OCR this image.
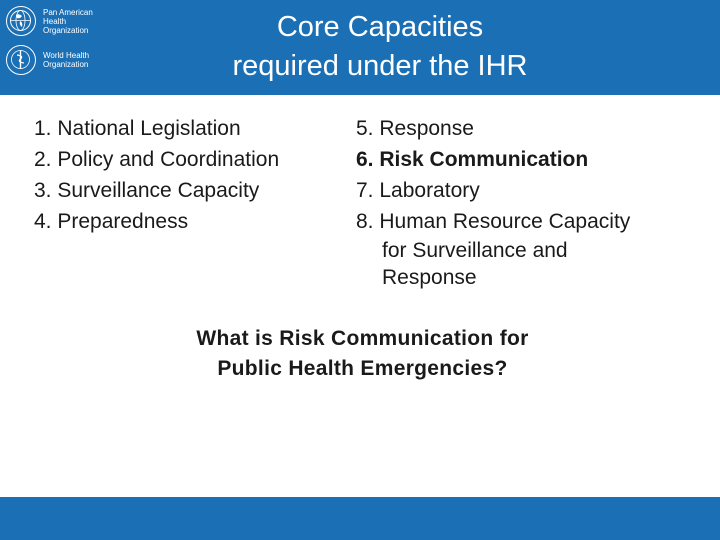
Pan American
Health
Organization
World Health
Organization
Core Capacities
required under the IHR
1. National Legislation
2. Policy and Coordination
3. Surveillance Capacity
4. Preparedness
5. Response
6. Risk Communication
7. Laboratory
8. Human Resource Capacity
for Surveillance and
Response
What is Risk Communication for
Public Health Emergencies?
